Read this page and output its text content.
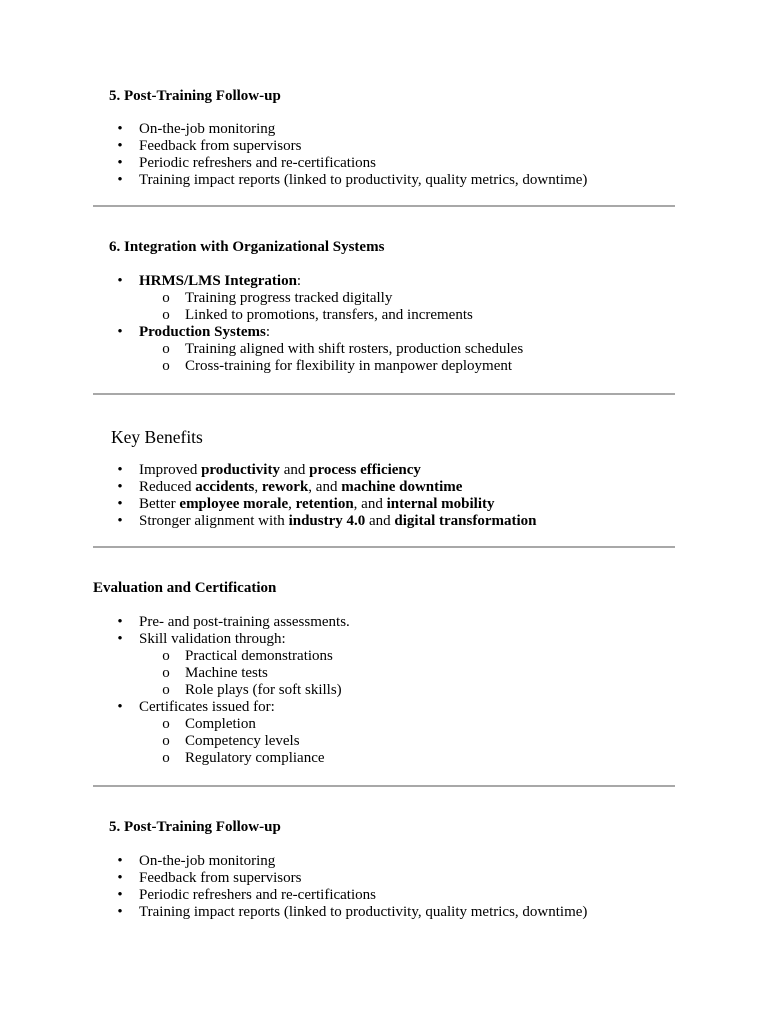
5. Post-Training Follow-up
• On-the-job monitoring
• Feedback from supervisors
• Periodic refreshers and re-certifications
• Training impact reports (linked to productivity, quality metrics, downtime)
6. Integration with Organizational Systems
• HRMS/LMS Integration:
o Training progress tracked digitally
o Linked to promotions, transfers, and increments
• Production Systems:
o Training aligned with shift rosters, production schedules
o Cross-training for flexibility in manpower deployment
Key Benefits
• Improved productivity and process efficiency
• Reduced accidents, rework, and machine downtime
• Better employee morale, retention, and internal mobility
• Stronger alignment with industry 4.0 and digital transformation
Evaluation and Certification
• Pre- and post-training assessments.
• Skill validation through:
o Practical demonstrations
o Machine tests
o Role plays (for soft skills)
• Certificates issued for:
o Completion
o Competency levels
o Regulatory compliance
5. Post-Training Follow-up
• On-the-job monitoring
• Feedback from supervisors
• Periodic refreshers and re-certifications
• Training impact reports (linked to productivity, quality metrics, downtime)
